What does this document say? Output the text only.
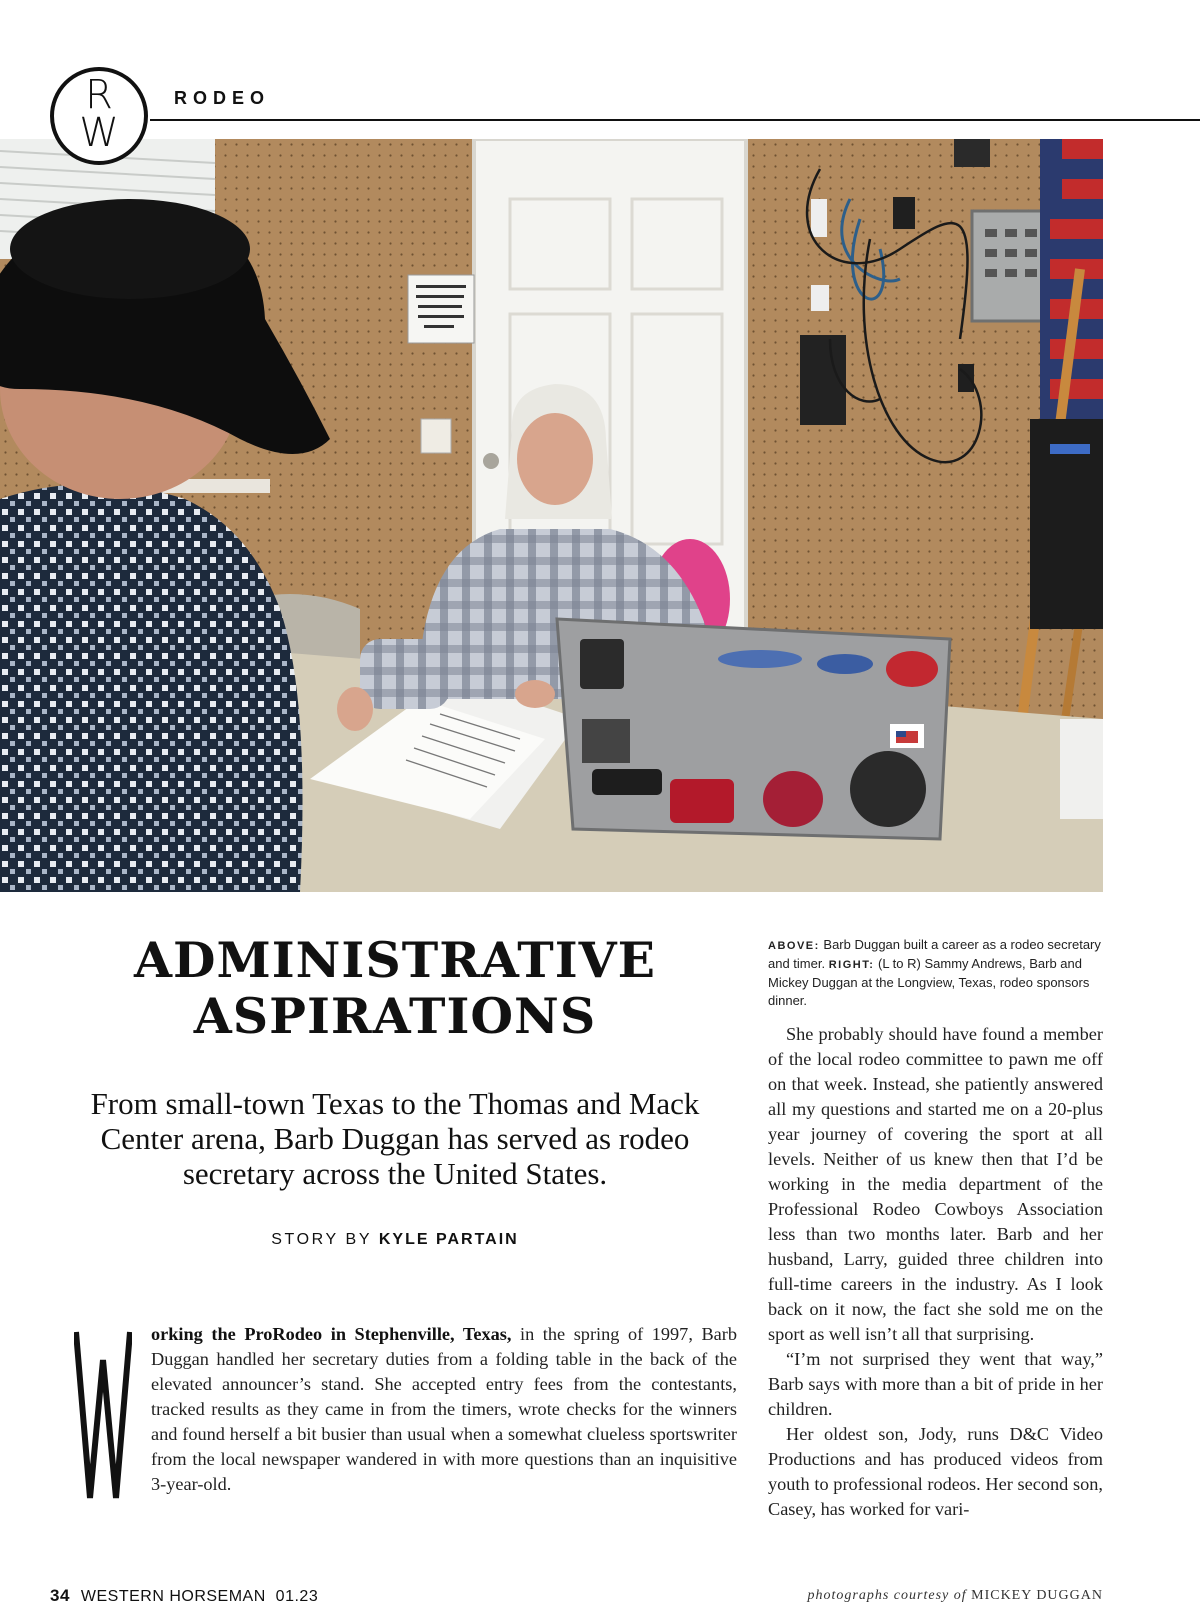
R
W
RODEO
ADMINISTRATIVE
ASPIRATIONS

From small-town Texas to the Thomas and Mack Center arena, Barb Duggan has served as rodeo secretary across the United States.

STORY BY KYLE PARTAIN

orking the ProRodeo in Stephenville, Texas, in the spring of 1997, Barb Duggan handled her secretary duties from a folding table in the back of the elevated announcer’s stand. She accepted entry fees from the contestants, tracked results as they came in from the timers, wrote checks for the winners and found herself a bit busier than usual when a somewhat clueless sportswriter from the local newspaper wandered in with more questions than an inquisitive 3-year-old.

ABOVE: Barb Duggan built a career as a rodeo secretary and timer. RIGHT: (L to R) Sammy Andrews, Barb and Mickey Duggan at the Longview, Texas, rodeo sponsors dinner.

She probably should have found a member of the local rodeo committee to pawn me off on that week. Instead, she patiently answered all my questions and started me on a 20-plus year journey of covering the sport at all levels. Neither of us knew then that I’d be working in the media department of the Professional Rodeo Cowboys Association less than two months later. Barb and her husband, Larry, guided three children into full-time careers in the industry. As I look back on it now, the fact she sold me on the sport as well isn’t all that surprising.

“I’m not surprised they went that way,” Barb says with more than a bit of pride in her children.

Her oldest son, Jody, runs D&C Video Productions and has produced videos from youth to professional rodeos. Her second son, Casey, has worked for vari-

34 WESTERN HORSEMAN 01.23	photographs courtesy of MICKEY DUGGAN
